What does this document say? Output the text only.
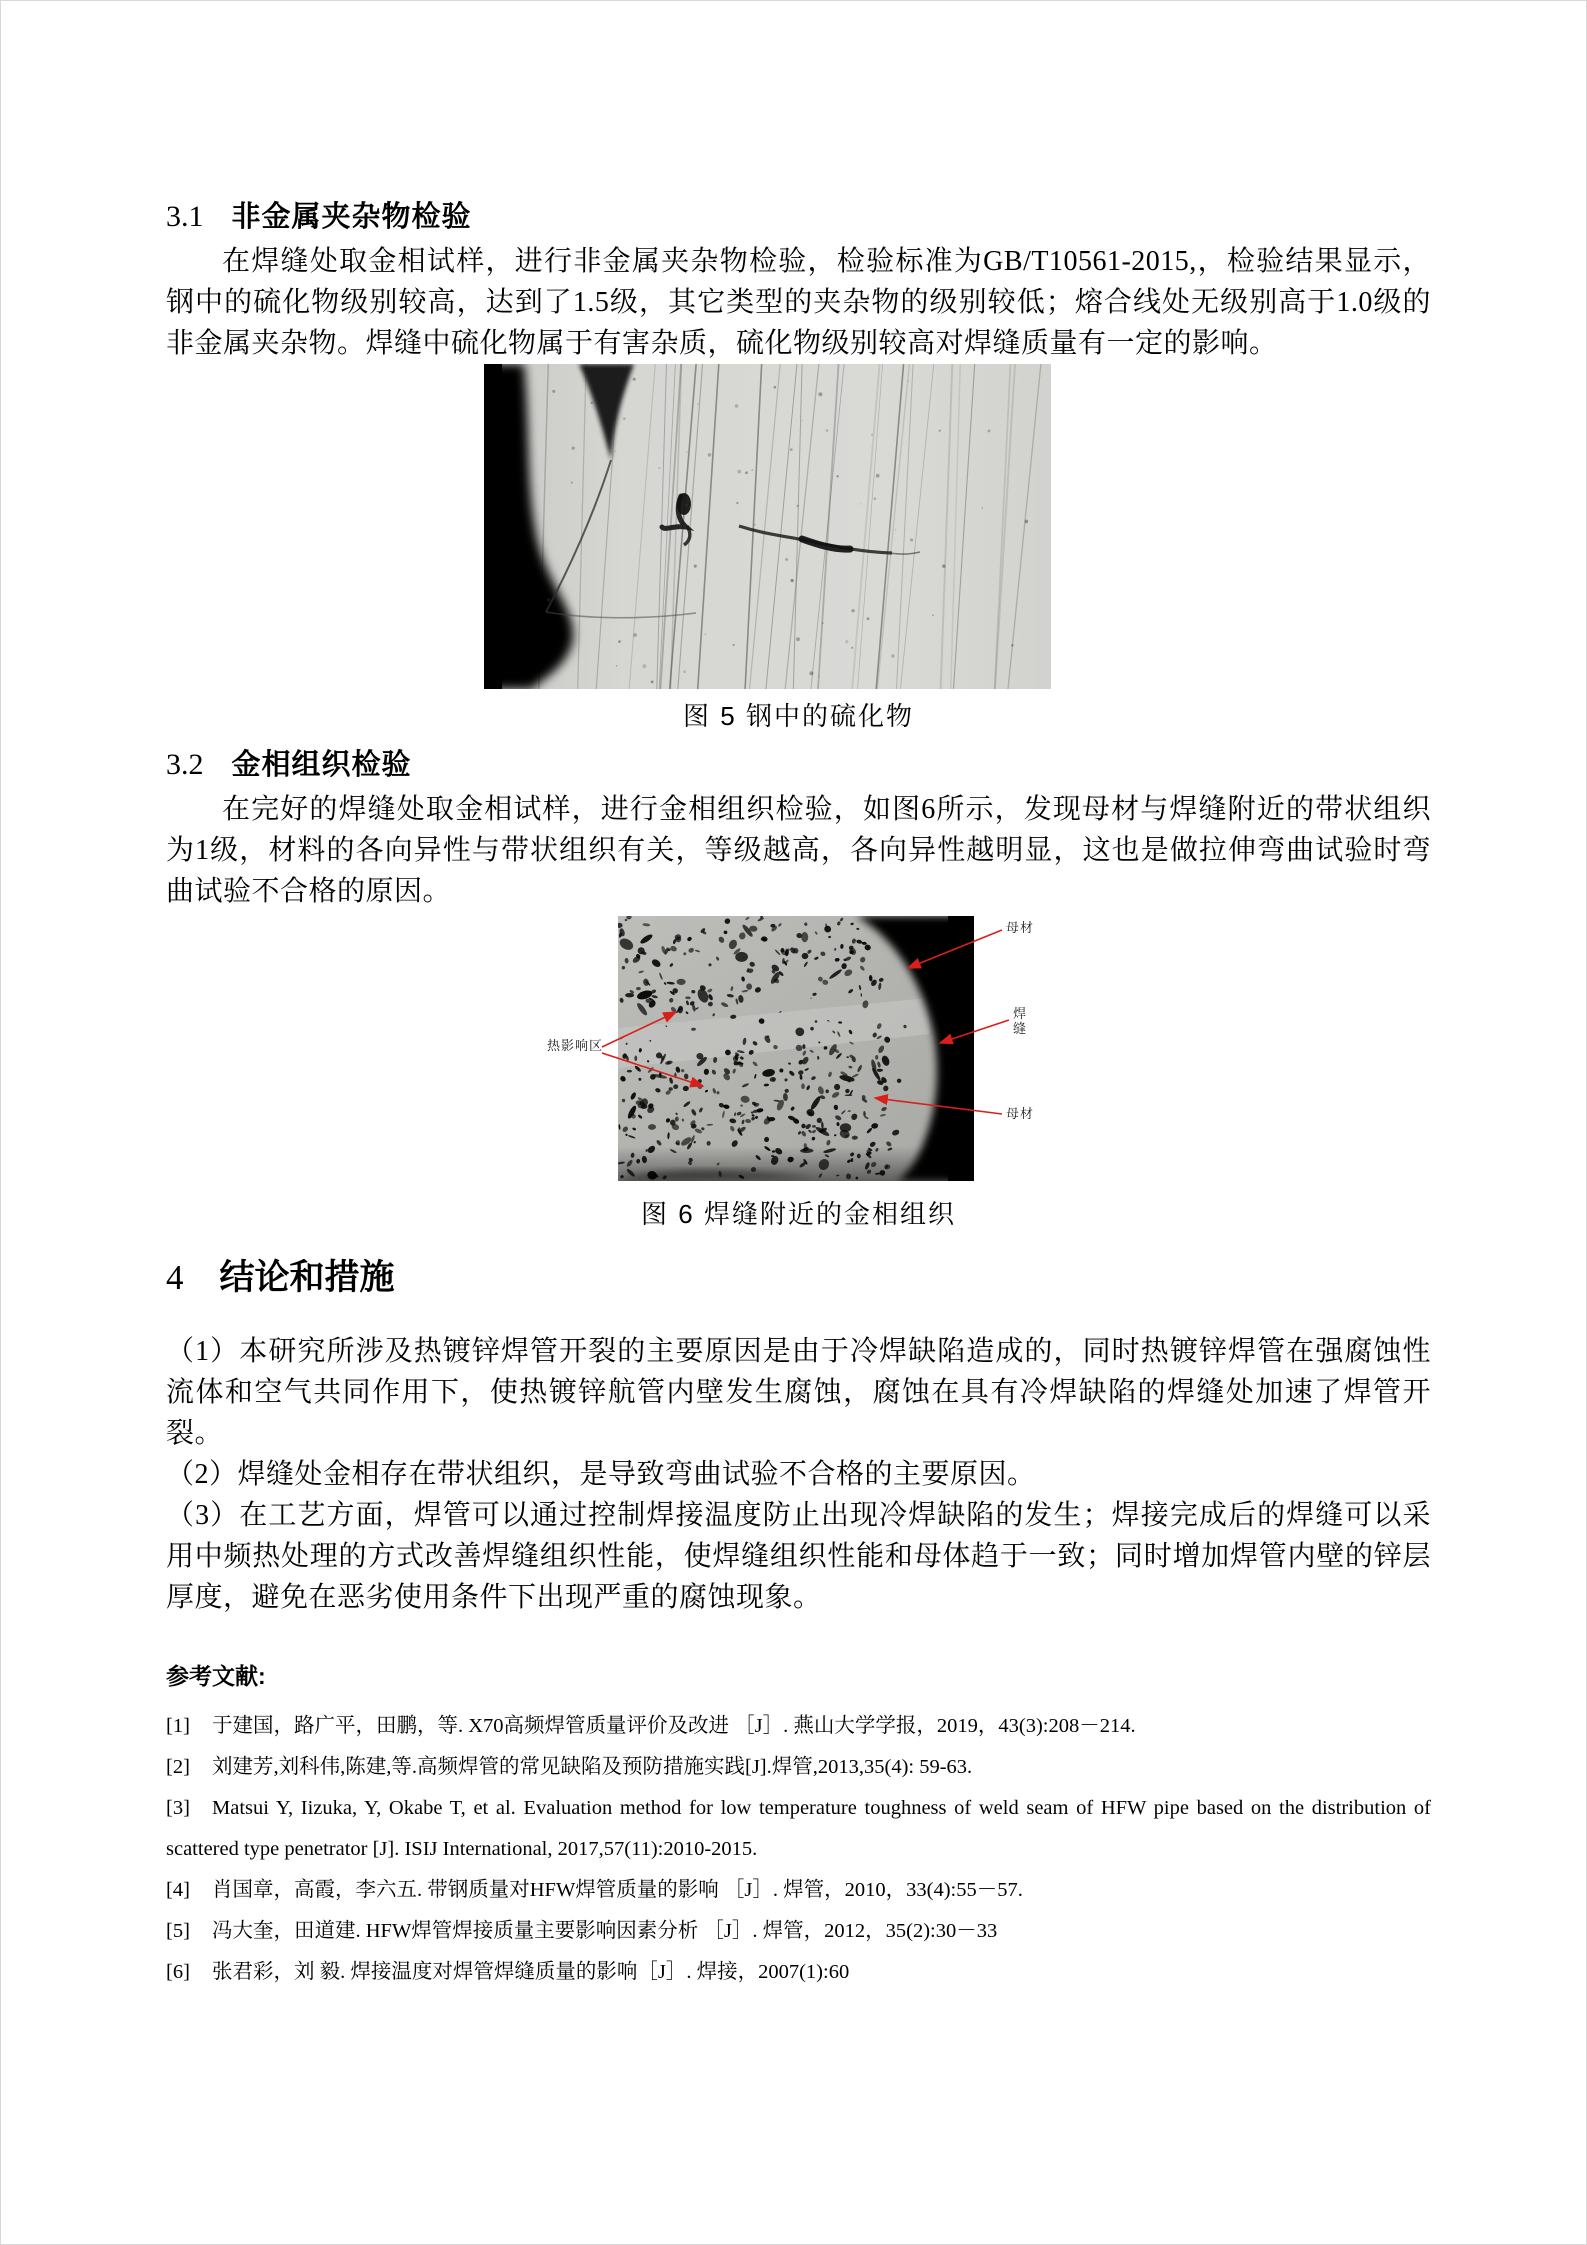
3.1 非金属夹杂物检验

在焊缝处取金相试样，进行非金属夹杂物检验，检验标准为GB/T10561-2015,，检验结果显示，钢中的硫化物级别较高，达到了1.5级，其它类型的夹杂物的级别较低；熔合线处无级别高于1.0级的非金属夹杂物。焊缝中硫化物属于有害杂质，硫化物级别较高对焊缝质量有一定的影响。

图 5 钢中的硫化物
3.2 金相组织检验

在完好的焊缝处取金相试样，进行金相组织检验，如图6所示，发现母材与焊缝附近的带状组织为1级，材料的各向异性与带状组织有关，等级越高，各向异性越明显，这也是做拉伸弯曲试验时弯曲试验不合格的原因。

母材
焊缝
热影响区
母材
图 6 焊缝附近的金相组织
4 结论和措施

（1）本研究所涉及热镀锌焊管开裂的主要原因是由于冷焊缺陷造成的，同时热镀锌焊管在强腐蚀性流体和空气共同作用下，使热镀锌航管内壁发生腐蚀，腐蚀在具有冷焊缺陷的焊缝处加速了焊管开裂。

（2）焊缝处金相存在带状组织，是导致弯曲试验不合格的主要原因。

（3）在工艺方面，焊管可以通过控制焊接温度防止出现冷焊缺陷的发生；焊接完成后的焊缝可以采用中频热处理的方式改善焊缝组织性能，使焊缝组织性能和母体趋于一致；同时增加焊管内壁的锌层厚度，避免在恶劣使用条件下出现严重的腐蚀现象。

参考文献:

[1] 于建国，路广平，田鹏，等. X70高频焊管质量评价及改进 ［J］. 燕山大学学报，2019，43(3):208－214.

[2] 刘建芳,刘科伟,陈建,等.高频焊管的常见缺陷及预防措施实践[J].焊管,2013,35(4): 59-63.

[3] Matsui Y, Iizuka, Y, Okabe T, et al. Evaluation method for low temperature toughness of weld seam of HFW pipe based on the distribution of scattered type penetrator [J]. ISIJ International, 2017,57(11):2010-2015.

[4] 肖国章，高霞，李六五. 带钢质量对HFW焊管质量的影响 ［J］. 焊管，2010，33(4):55－57.

[5] 冯大奎，田道建. HFW焊管焊接质量主要影响因素分析 ［J］. 焊管，2012，35(2):30－33

[6] 张君彩，刘 毅. 焊接温度对焊管焊缝质量的影响［J］. 焊接，2007(1):60
